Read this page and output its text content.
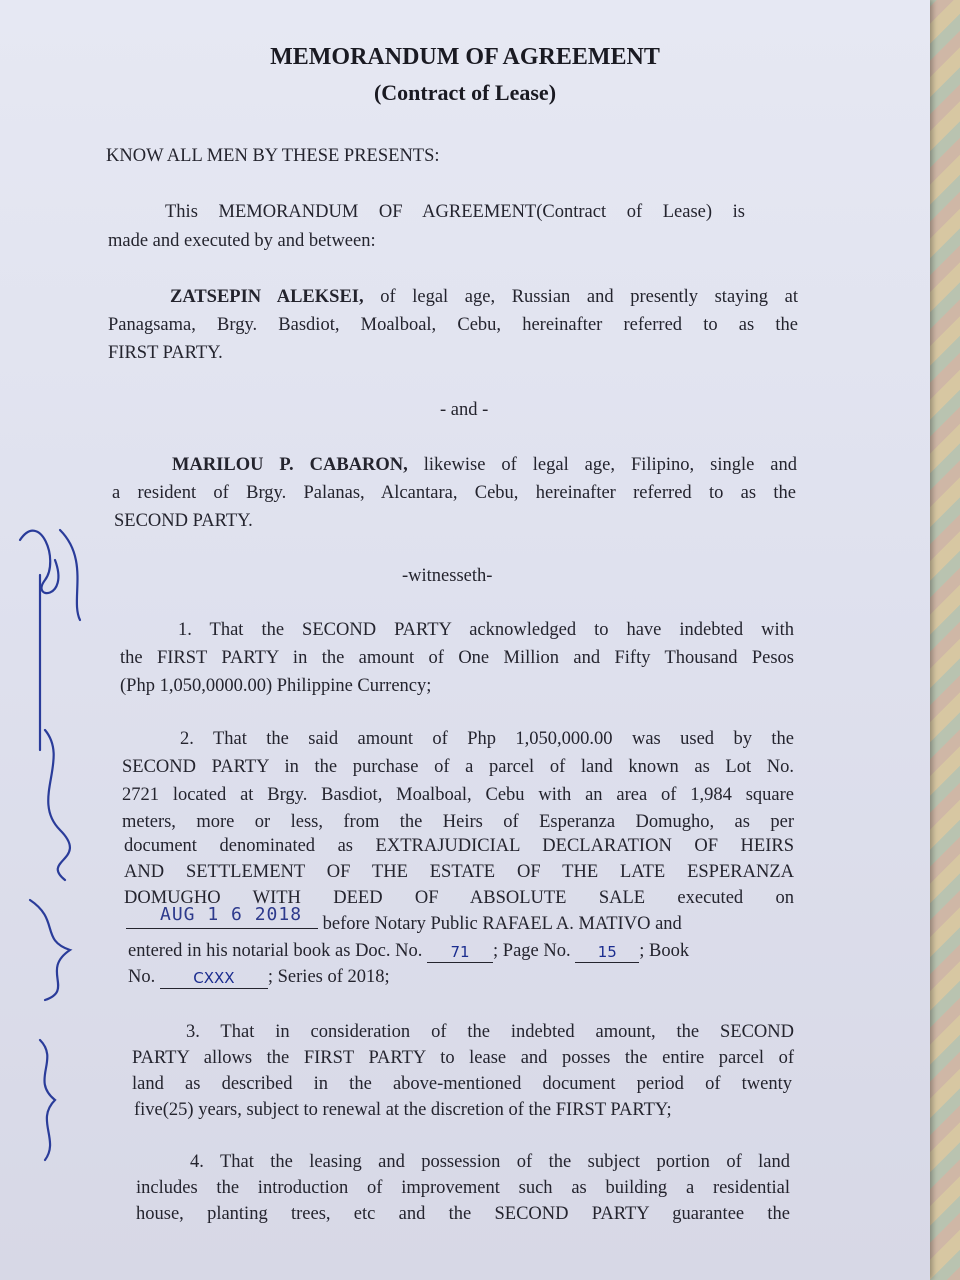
MEMORANDUM OF AGREEMENT
(Contract of Lease)
KNOW ALL MEN BY THESE PRESENTS:
This MEMORANDUM OF AGREEMENT(Contract of Lease) is
made and executed by and between:
ZATSEPIN ALEKSEI, of legal age, Russian and presently staying at
Panagsama, Brgy. Basdiot, Moalboal, Cebu, hereinafter referred to as the
FIRST PARTY.
- and -
MARILOU P. CABARON, likewise of legal age, Filipino, single and
a resident of Brgy. Palanas, Alcantara, Cebu, hereinafter referred to as the
SECOND PARTY.
-witnesseth-
1. That the SECOND PARTY acknowledged to have indebted with
the FIRST PARTY in the amount of One Million and Fifty Thousand Pesos
(Php 1,050,0000.00) Philippine Currency;
2. That the said amount of Php 1,050,000.00 was used by the
SECOND PARTY in the purchase of a parcel of land known as Lot No.
2721 located at Brgy. Basdiot, Moalboal, Cebu with an area of 1,984 square
meters, more or less, from the Heirs of Esperanza Domugho, as per
document denominated as EXTRAJUDICIAL DECLARATION OF HEIRS
AND SETTLEMENT OF THE ESTATE OF THE LATE ESPERANZA
DOMUGHO WITH DEED OF ABSOLUTE SALE executed on
before Notary Public RAFAEL A. MATIVO and
AUG 1 6 2018
entered in his notarial book as Doc. No.	71	; Page No.	15	; Book
No.	CXXX	; Series of 2018;
3. That in consideration of the indebted amount, the SECOND
PARTY allows the FIRST PARTY to lease and posses the entire parcel of
land as described in the above-mentioned document period of twenty
five(25) years, subject to renewal at the discretion of the FIRST PARTY;
4. That the leasing and possession of the subject portion of land
includes the introduction of improvement such as building a residential
house, planting trees, etc and the SECOND PARTY guarantee the
